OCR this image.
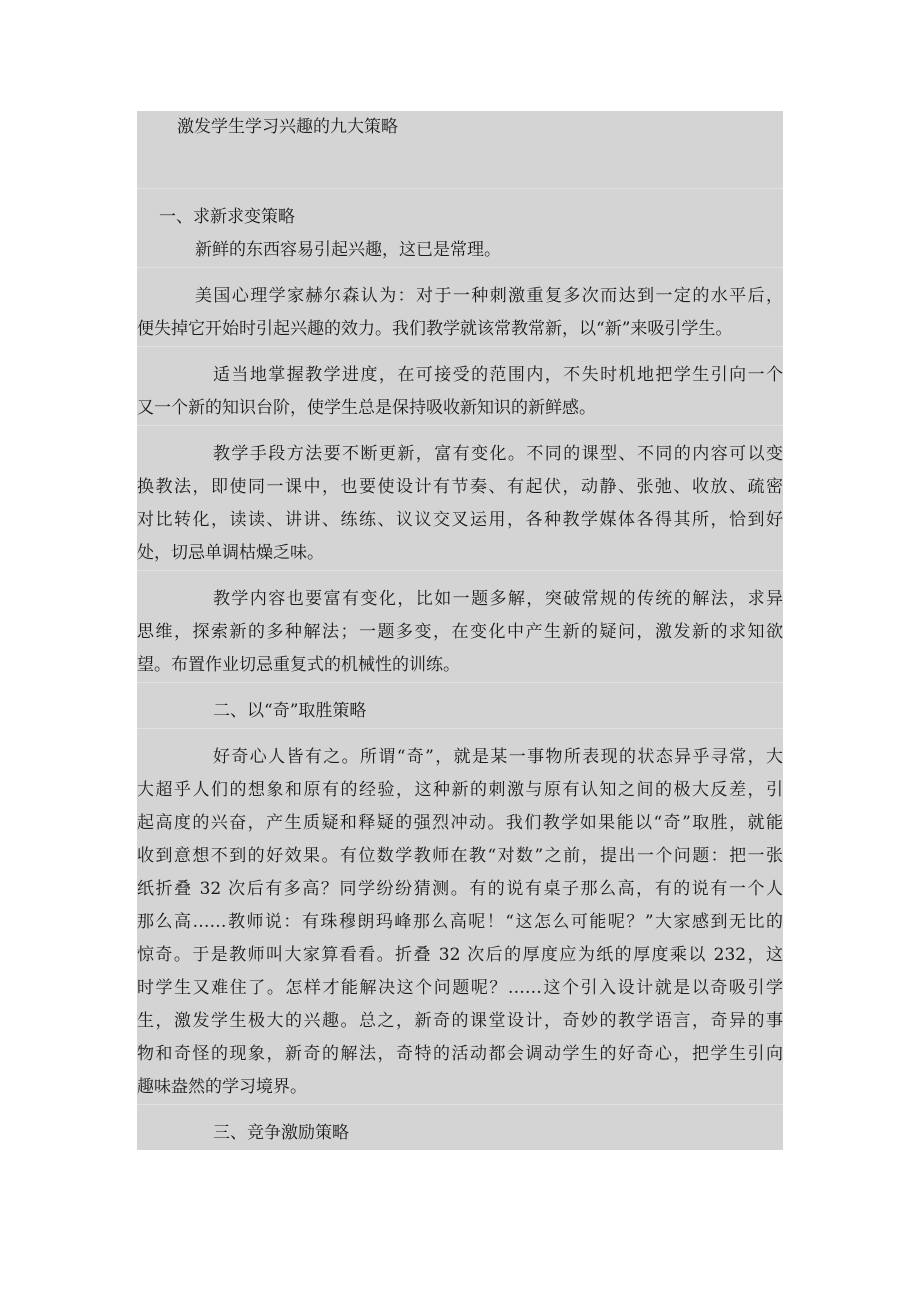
激发学生学习兴趣的九大策略
一、求新求变策略
新鲜的东西容易引起兴趣，这已是常理。
美国心理学家赫尔森认为：对于一种刺激重复多次而达到一定的水平后，
便失掉它开始时引起兴趣的效力。我们教学就该常教常新，以“新”来吸引学生。
适当地掌握教学进度，在可接受的范围内，不失时机地把学生引向一个
又一个新的知识台阶，使学生总是保持吸收新知识的新鲜感。
教学手段方法要不断更新，富有变化。不同的课型、不同的内容可以变
换教法，即使同一课中，也要使设计有节奏、有起伏，动静、张弛、收放、疏密
对比转化，读读、讲讲、练练、议议交叉运用，各种教学媒体各得其所，恰到好
处，切忌单调枯燥乏味。
教学内容也要富有变化，比如一题多解，突破常规的传统的解法，求异
思维，探索新的多种解法；一题多变，在变化中产生新的疑问，激发新的求知欲
望。布置作业切忌重复式的机械性的训练。
二、以“奇”取胜策略
好奇心人皆有之。所谓“奇”，就是某一事物所表现的状态异乎寻常，大
大超乎人们的想象和原有的经验，这种新的刺激与原有认知之间的极大反差，引
起高度的兴奋，产生质疑和释疑的强烈冲动。我们教学如果能以“奇”取胜，就能
收到意想不到的好效果。有位数学教师在教“对数”之前，提出一个问题：把一张
纸折叠 32 次后有多高？同学纷纷猜测。有的说有桌子那么高，有的说有一个人
那么高……教师说：有珠穆朗玛峰那么高呢！“这怎么可能呢？”大家感到无比的
惊奇。于是教师叫大家算看看。折叠 32 次后的厚度应为纸的厚度乘以 232，这
时学生又难住了。怎样才能解决这个问题呢？……这个引入设计就是以奇吸引学
生，激发学生极大的兴趣。总之，新奇的课堂设计，奇妙的教学语言，奇异的事
物和奇怪的现象，新奇的解法，奇特的活动都会调动学生的好奇心，把学生引向
趣味盎然的学习境界。
三、竞争激励策略
